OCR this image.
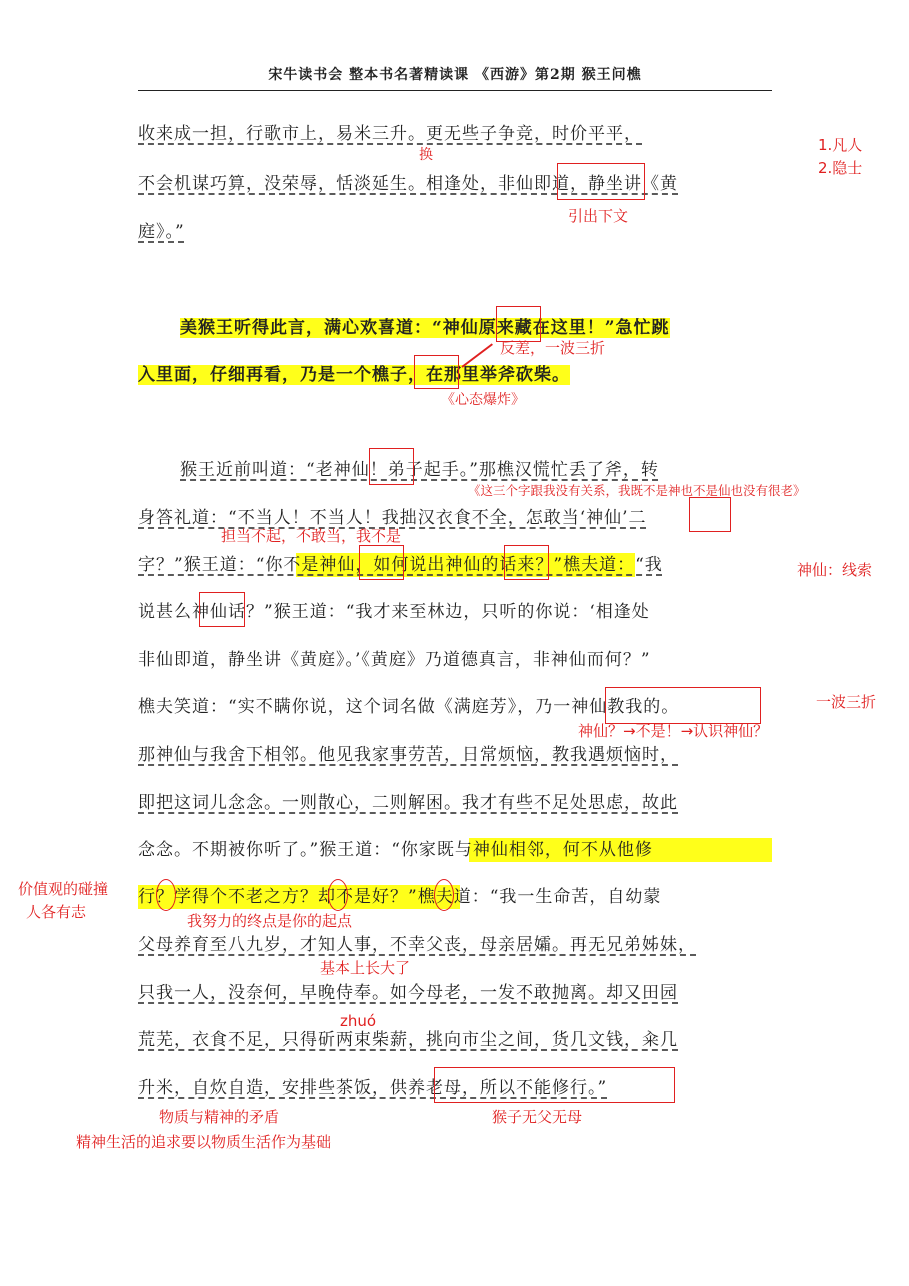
宋牛读书会 整本书名著精读课 《西游》第2期 猴王问樵
收来成一担，行歌市上，易米三升。更无些子争竞，时价平平，
不会机谋巧算，没荣辱，恬淡延生。相逢处，非仙即道，静坐讲《黄
庭》。”
美猴王听得此言，满心欢喜道：“神仙原来藏在这里！”急忙跳
入里面，仔细再看，乃是一个樵子，在那里举斧砍柴。
猴王近前叫道：“老神仙！弟子起手。”那樵汉慌忙丢了斧，转
身答礼道：“不当人！不当人！我拙汉衣食不全，怎敢当‘神仙’二
字？”猴王道：“你不是神仙，如何说出神仙的话来？”樵夫道：“我
说甚么神仙话？”猴王道：“我才来至林边，只听的你说：‘相逢处
非仙即道，静坐讲《黄庭》。’《黄庭》乃道德真言，非神仙而何？”
樵夫笑道：“实不瞒你说，这个词名做《满庭芳》，乃一神仙教我的。
那神仙与我舍下相邻。他见我家事劳苦，日常烦恼，教我遇烦恼时，
即把这词儿念念。一则散心，二则解困。我才有些不足处思虑，故此
念念。不期被你听了。”猴王道：“你家既与神仙相邻，何不从他修
行？学得个不老之方？却不是好？”樵夫道：“我一生命苦，自幼蒙
父母养育至八九岁，才知人事，不幸父丧，母亲居孀。再无兄弟姊妹，
只我一人，没奈何，早晚侍奉。如今母老，一发不敢抛离。却又田园
荒芜，衣食不足，只得斫两束柴薪，挑向市尘之间，货几文钱，籴几
升米，自炊自造，安排些茶饭，供养老母，所以不能修行。”
换
1.凡人
2.隐士
引出下文
反差，一波三折
《心态爆炸》
《这三个字跟我没有关系，我既不是神也不是仙也没有很老》
担当不起，不敢当，我不是
神仙：线索
一波三折
神仙？→不是！→认识神仙？
价值观的碰撞
人各有志	我努力的终点是你的起点
基本上长大了
zhuó
物质与精神的矛盾
精神生活的追求要以物质生活作为基础
猴子无父无母
